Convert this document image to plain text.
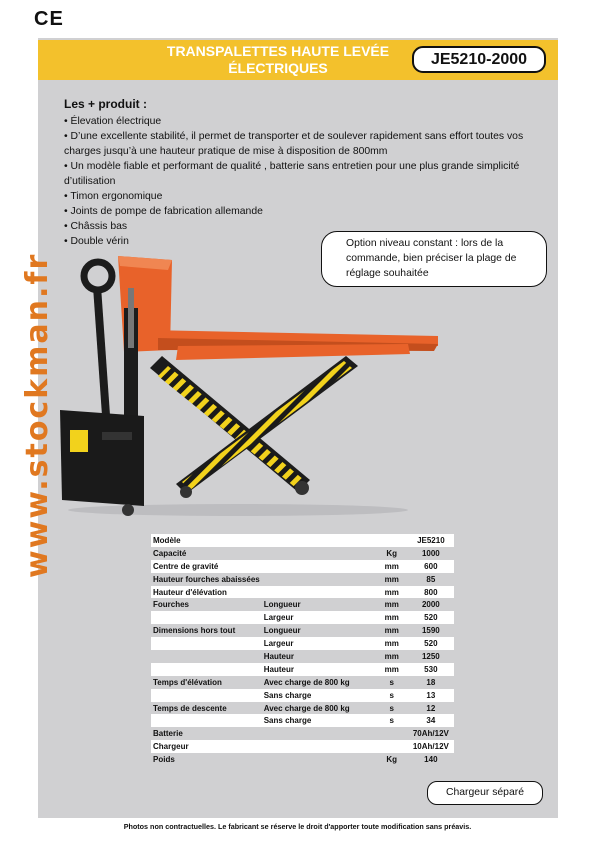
CE
www.stockman.fr
TRANSPALETTES HAUTE LEVÉE
ÉLECTRIQUES	JE5210-2000
Les + produit :

• Élevation électrique

• D’une excellente stabilité, il permet de transporter et de soulever rapidement sans effort toutes vos charges jusqu’à une hauteur pratique de mise à disposition de 800mm

• Un modèle fiable et performant de qualité , batterie sans entretien pour une plus grande simplicité d’utilisation

• Timon ergonomique

• Joints de pompe de fabrication allemande

• Châssis bas

• Double vérin	Option niveau constant : lors de la commande, bien préciser la plage de réglage souhaitée
Modèle			JE5210
Capacité		Kg	1000
Centre de gravité		mm	600
Hauteur fourches abaissées		mm	85
Hauteur d'élévation		mm	800
Fourches	Longueur	mm	2000
	Largeur	mm	520
Dimensions hors tout	Longueur	mm	1590
	Largeur	mm	520
	Hauteur	mm	1250
	Hauteur	mm	530
Temps d'élévation	Avec charge de 800 kg	s	18
	Sans charge	s	13
Temps de descente	Avec charge de 800 kg	s	12
	Sans charge	s	34
Batterie			70Ah/12V
Chargeur			10Ah/12V
Poids		Kg	140
Chargeur séparé
Photos non contractuelles. Le fabricant se réserve le droit d'apporter toute modification sans préavis.
